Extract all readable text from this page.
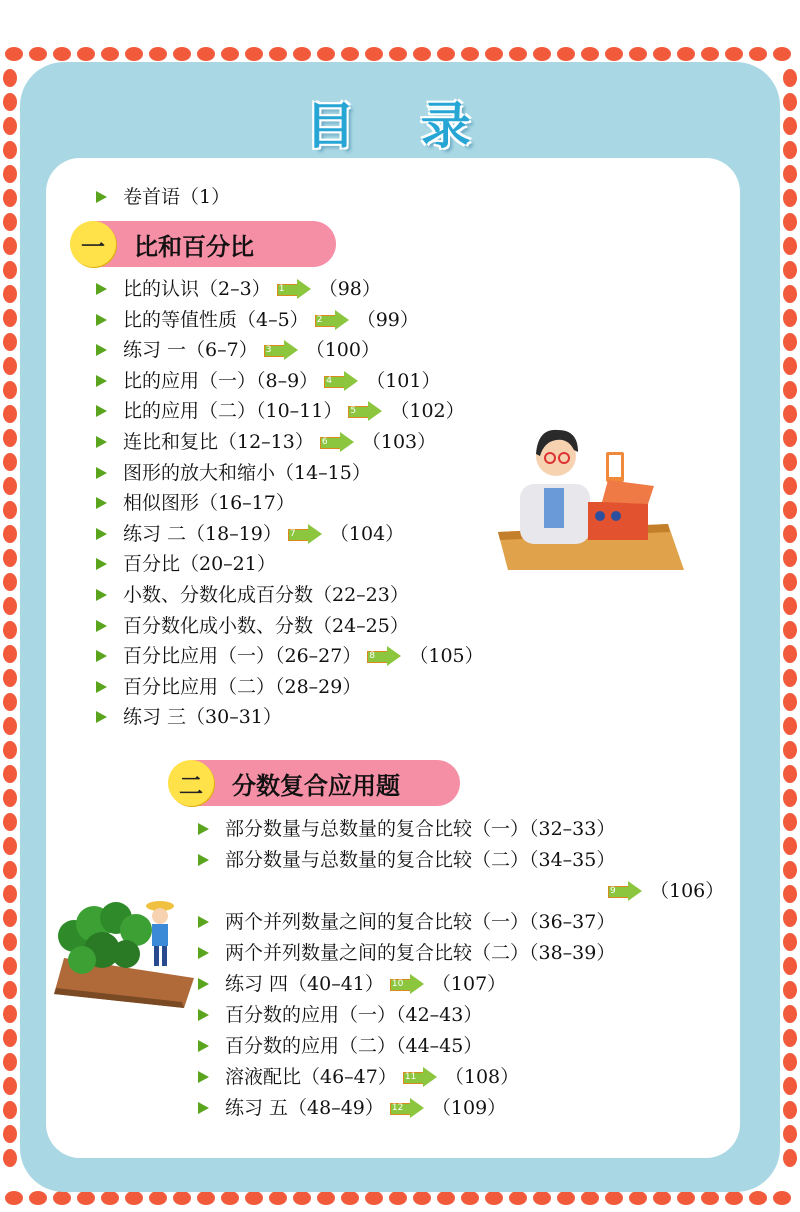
目 录
卷首语（1）
一	比和百分比
比的认识（2–3） 1 （98）
比的等值性质（4–5） 2 （99）
练习 一（6–7） 3 （100）
比的应用（一）（8–9） 4 （101）
比的应用（二）（10–11） 5 （102）
连比和复比（12–13） 6 （103）
图形的放大和缩小（14–15）
相似图形（16–17）
练习 二（18–19） 7 （104）
百分比（20–21）
小数、分数化成百分数（22–23）
百分数化成小数、分数（24–25）
百分比应用（一）（26–27） 8 （105）
百分比应用（二）（28–29）
练习 三（30–31）
二	分数复合应用题
部分数量与总数量的复合比较（一）（32–33）
部分数量与总数量的复合比较（二）（34–35）
9 （106）
两个并列数量之间的复合比较（一）（36–37）
两个并列数量之间的复合比较（二）（38–39）
练习 四（40–41） 10 （107）
百分数的应用（一）（42–43）
百分数的应用（二）（44–45）
溶液配比（46–47） 11 （108）
练习 五（48–49） 12 （109）
